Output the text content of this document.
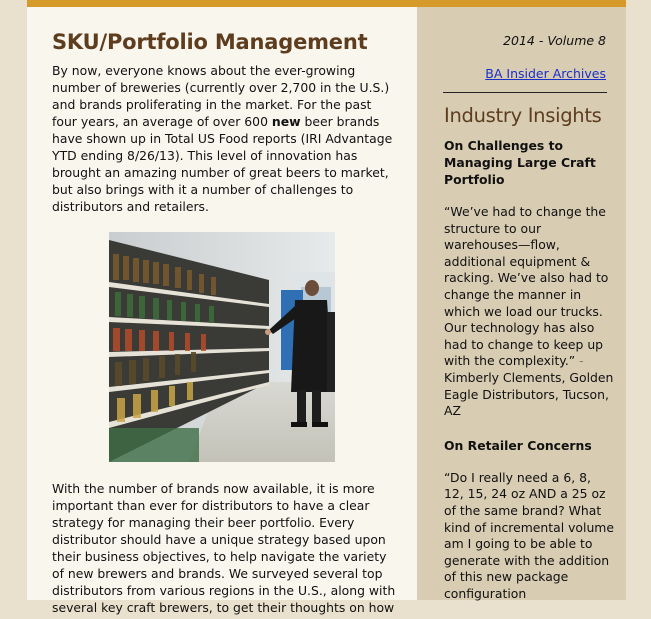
SKU/Portfolio Management

By now, everyone knows about the ever-growing number of breweries (currently over 2,700 in the U.S.) and brands proliferating in the market. For the past four years, an average of over 600 new beer brands have shown up in Total US Food reports (IRI Advantage YTD ending 8/26/13). This level of innovation has brought an amazing number of great beers to market, but also brings with it a number of challenges to distributors and retailers.

With the number of brands now available, it is more important than ever for distributors to have a clear strategy for managing their beer portfolio. Every distributor should have a unique strategy based upon their business objectives, to help navigate the variety of new brewers and brands. We surveyed several top distributors from various regions in the U.S., along with several key craft brewers, to get their thoughts on how

2014 - Volume 8
BA Insider Archives
Industry Insights
On Challenges to Managing Large Craft Portfolio

“We’ve had to change the structure to our warehouses—flow, additional equipment & racking. We’ve also had to change the manner in which we load our trucks. Our technology has also had to change to keep up with the complexity.” -
Kimberly Clements, Golden Eagle Distributors, Tucson, AZ

On Retailer Concerns

“Do I really need a 6, 8, 12, 15, 24 oz AND a 25 oz of the same brand? What kind of incremental volume am I going to be able to generate with the addition of this new package configuration
